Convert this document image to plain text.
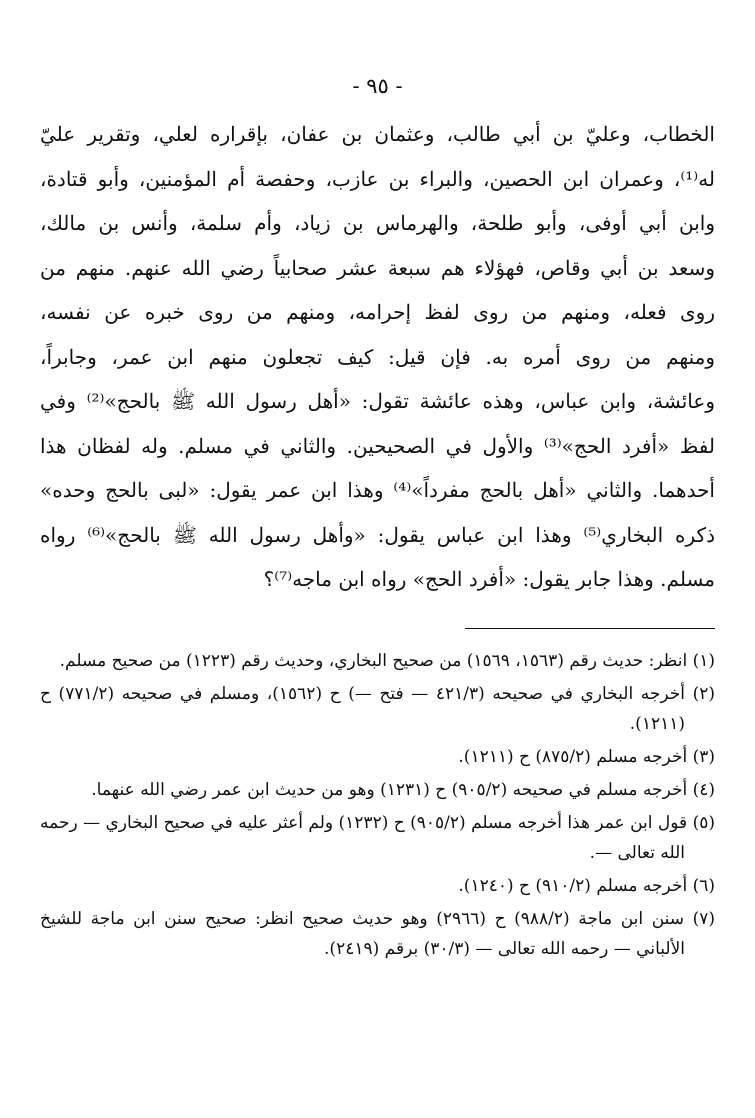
- ٩٥ -

الخطاب، وعليّ بن أبي طالب، وعثمان بن عفان، بإقراره لعلي، وتقرير عليّ

له⁽¹⁾، وعمران ابن الحصين، والبراء بن عازب، وحفصة أم المؤمنين، وأبو قتادة،

وابن أبي أوفى، وأبو طلحة، والهرماس بن زياد، وأم سلمة، وأنس بن مالك،

وسعد بن أبي وقاص، فهؤلاء هم سبعة عشر صحابياً رضي الله عنهم. منهم من

روى فعله، ومنهم من روى لفظ إحرامه، ومنهم من روى خبره عن نفسه،

ومنهم من روى أمره به. فإن قيل: كيف تجعلون منهم ابن عمر، وجابراً،

وعائشة، وابن عباس، وهذه عائشة تقول: «أهل رسول الله ﷺ بالحج»⁽²⁾ وفي

لفظ «أفرد الحج»⁽³⁾ والأول في الصحيحين. والثاني في مسلم. وله لفظان هذا

أحدهما. والثاني «أهل بالحج مفرداً»⁽⁴⁾ وهذا ابن عمر يقول: «لبى بالحج وحده»

ذكره البخاري⁽⁵⁾ وهذا ابن عباس يقول: «وأهل رسول الله ﷺ بالحج»⁽⁶⁾ رواه

مسلم. وهذا جابر يقول: «أفرد الحج» رواه ابن ماجه⁽⁷⁾؟

(١) انظر: حديث رقم (١٥٦٣، ١٥٦٩) من صحيح البخاري، وحديث رقم (١٢٢٣) من صحيح مسلم.

(٢) أخرجه البخاري في صحيحه (٤٢١/٣ — فتح —) ح (١٥٦٢)، ومسلم في صحيحه (٧٧١/٢) ح (١٢١١).

(٣) أخرجه مسلم (٨٧٥/٢) ح (١٢١١).

(٤) أخرجه مسلم في صحيحه (٩٠٥/٢) ح (١٢٣١) وهو من حديث ابن عمر رضي الله عنهما.

(٥) قول ابن عمر هذا أخرجه مسلم (٩٠٥/٢) ح (١٢٣٢) ولم أعثر عليه في صحيح البخاري — رحمه الله تعالى —.

(٦) أخرجه مسلم (٩١٠/٢) ح (١٢٤٠).

(٧) سنن ابن ماجة (٩٨٨/٢) ح (٢٩٦٦) وهو حديث صحيح انظر: صحيح سنن ابن ماجة للشيخ الألباني — رحمه الله تعالى — (٣٠/٣) برقم (٢٤١٩).
